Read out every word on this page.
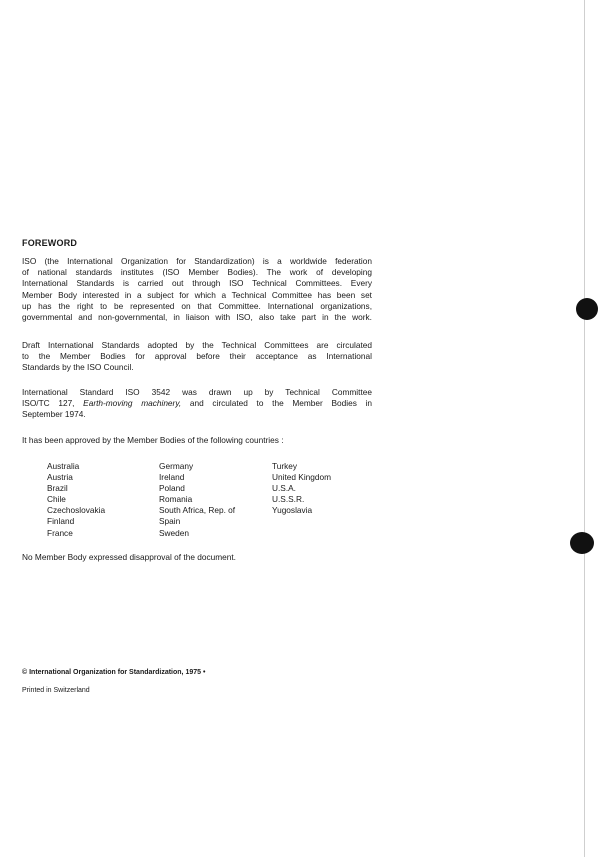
FOREWORD
ISO (the International Organization for Standardization) is a worldwide federation
of national standards institutes (ISO Member Bodies). The work of developing
International Standards is carried out through ISO Technical Committees. Every
Member Body interested in a subject for which a Technical Committee has been set
up has the right to be represented on that Committee. International organizations,
governmental and non-governmental, in liaison with ISO, also take part in the work.
Draft International Standards adopted by the Technical Committees are circulated
to the Member Bodies for approval before their acceptance as International
Standards by the ISO Council.
International Standard ISO 3542 was drawn up by Technical Committee
ISO/TC 127, Earth-moving machinery, and circulated to the Member Bodies in
September 1974.
It has been approved by the Member Bodies of the following countries :
Australia
Austria
Brazil
Chile
Czechoslovakia
Finland
France
Germany
Ireland
Poland
Romania
South Africa, Rep. of
Spain
Sweden
Turkey
United Kingdom
U.S.A.
U.S.S.R.
Yugoslavia
No Member Body expressed disapproval of the document.
© International Organization for Standardization, 1975 •
Printed in Switzerland
